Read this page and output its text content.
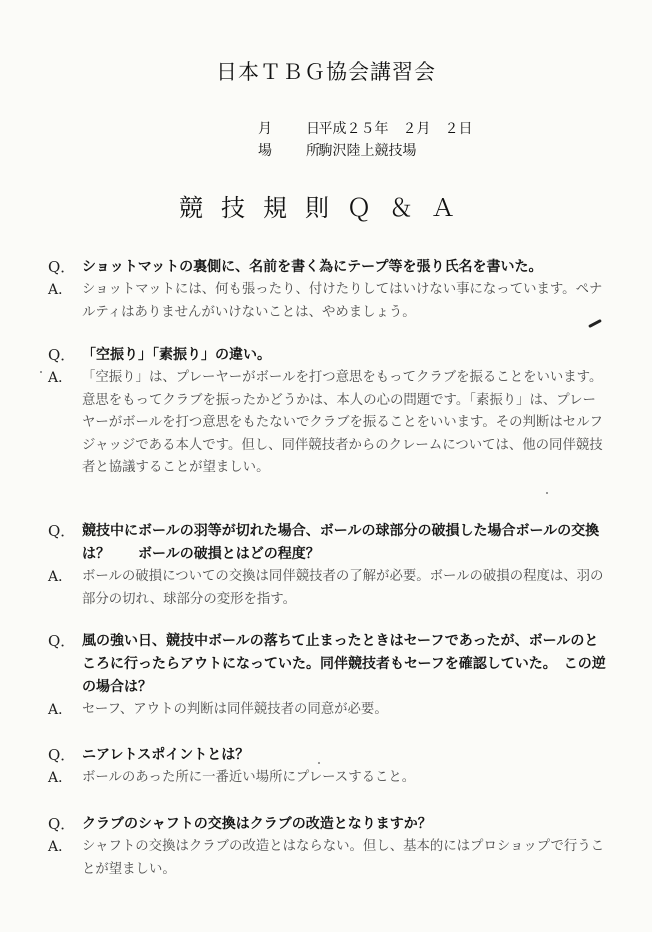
日本ＴＢＧ協会講習会
月　日 平成２５年　２月　２日
場　所 駒沢陸上競技場
競技規則Ｑ＆Ａ
Q． ショットマットの裏側に、名前を書く為にテープ等を張り氏名を書いた。
A． ショットマットには、何も張ったり、付けたりしてはいけない事になっています。ペナルティはありませんがいけないことは、やめましょう。
Q． 「空振り」「素振り」の違い。
A． 「空振り」は、プレーヤーがボールを打つ意思をもってクラブを振ることをいいます。意思をもってクラブを振ったかどうかは、本人の心の問題です。「素振り」は、プレーヤーがボールを打つ意思をもたないでクラブを振ることをいいます。その判断はセルフジャッジである本人です。但し、同伴競技者からのクレームについては、他の同伴競技者と協議することが望ましい。
Q． 競技中にボールの羽等が切れた場合、ボールの球部分の破損した場合ボールの交換は？　　ボールの破損とはどの程度？
A． ボールの破損についての交換は同伴競技者の了解が必要。ボールの破損の程度は、羽の部分の切れ、球部分の変形を指す。
Q． 風の強い日、競技中ボールの落ちて止まったときはセーフであったが、ボールのところに行ったらアウトになっていた。同伴競技者もセーフを確認していた。　この逆の場合は？
A． セーフ、アウトの判断は同伴競技者の同意が必要。
Q． ニアレトスポイントとは？
A． ボールのあった所に一番近い場所にプレースすること。
Q． クラブのシャフトの交換はクラブの改造となりますか？
A． シャフトの交換はクラブの改造とはならない。但し、基本的にはプロショップで行うことが望ましい。
